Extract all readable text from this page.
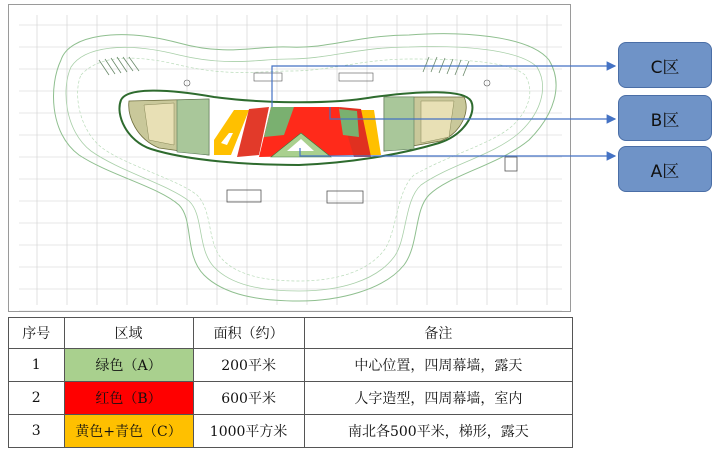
C区
B区
A区
序号	区域	面积（约）	备注
1	绿色（A）	200平米	中心位置，四周幕墙，露天
2	红色（B）	600平米	人字造型，四周幕墙，室内
3	黄色+青色（C）	1000平方米	南北各500平米，梯形，露天
